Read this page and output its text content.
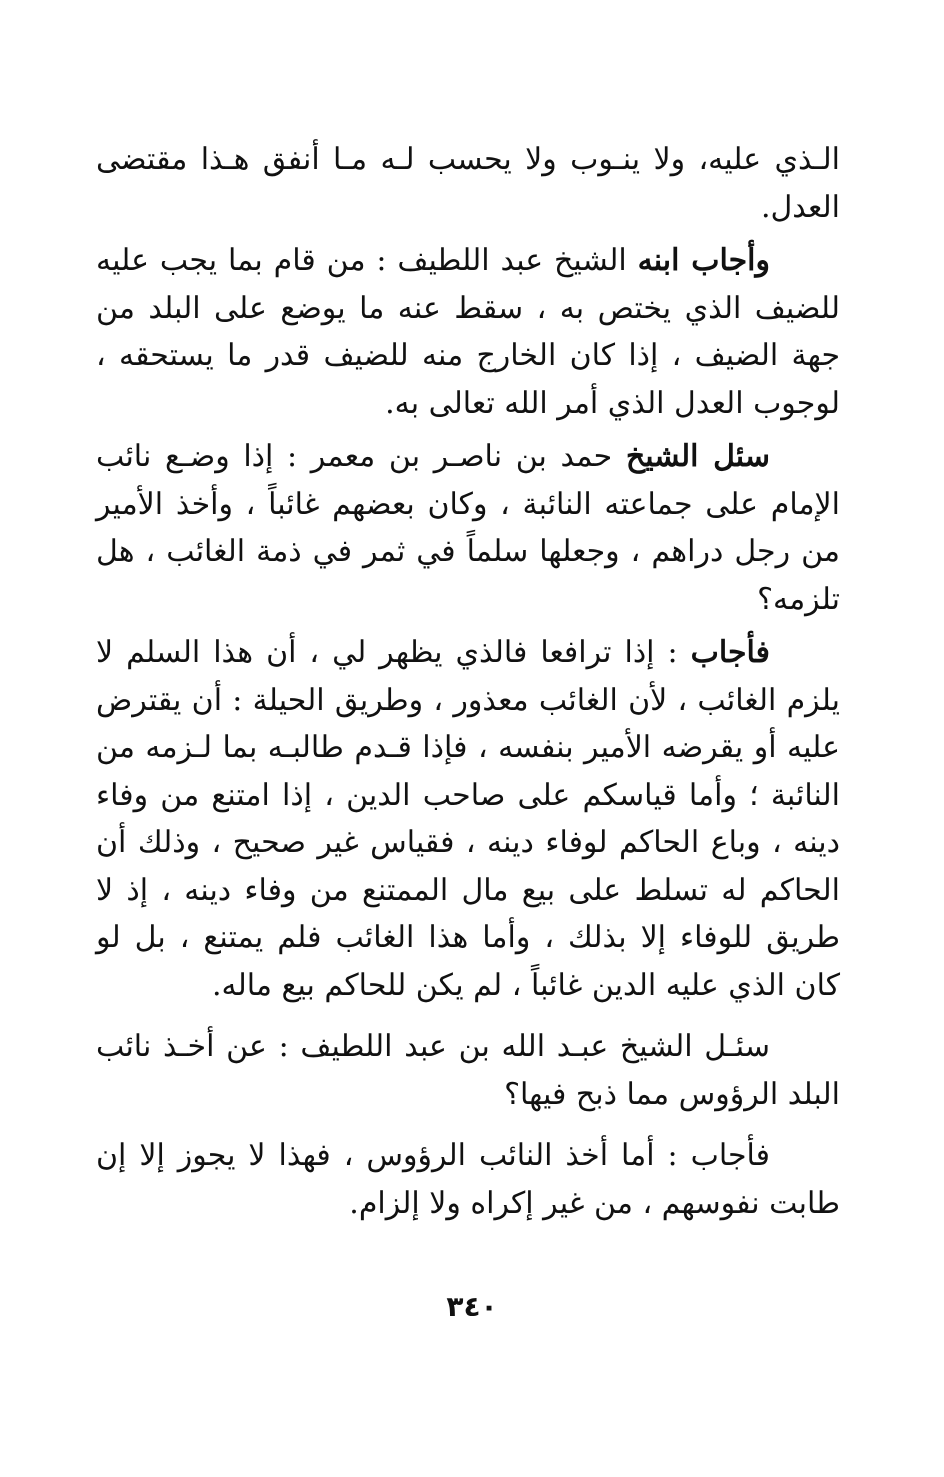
الـذي عليه، ولا ينـوب ولا يحسب لـه مـا أنفق هـذا مقتضى العدل.

وأجاب ابنه الشيخ عبد اللطيف : من قام بما يجب عليه للضيف الذي يختص به ، سقط عنه ما يوضع على البلد من جهة الضيف ، إذا كان الخارج منه للضيف قدر ما يستحقه ، لوجوب العدل الذي أمر الله تعالى به.

سئل الشيخ حمد بن ناصـر بن معمر : إذا وضـع نائب الإمام على جماعته النائبة ، وكان بعضهم غائباً ، وأخذ الأمير من رجل دراهم ، وجعلها سلماً في ثمر في ذمة الغائب ، هل تلزمه؟

فأجاب : إذا ترافعا فالذي يظهر لي ، أن هذا السلم لا يلزم الغائب ، لأن الغائب معذور ، وطريق الحيلة : أن يقترض عليه أو يقرضه الأمير بنفسه ، فإذا قـدم طالبـه بما لـزمه من النائبة ؛ وأما قياسكم على صاحب الدين ، إذا امتنع من وفاء دينه ، وباع الحاكم لوفاء دينه ، فقياس غير صحيح ، وذلك أن الحاكم له تسلط على بيع مال الممتنع من وفاء دينه ، إذ لا طريق للوفاء إلا بذلك ، وأما هذا الغائب فلم يمتنع ، بل لو كان الذي عليه الدين غائباً ، لم يكن للحاكم بيع ماله.

سئـل الشيخ عبـد الله بن عبد اللطيف : عن أخـذ نائب البلد الرؤوس مما ذبح فيها؟

فأجاب : أما أخذ النائب الرؤوس ، فهذا لا يجوز إلا إن طابت نفوسهم ، من غير إكراه ولا إلزام.

٣٤٠
